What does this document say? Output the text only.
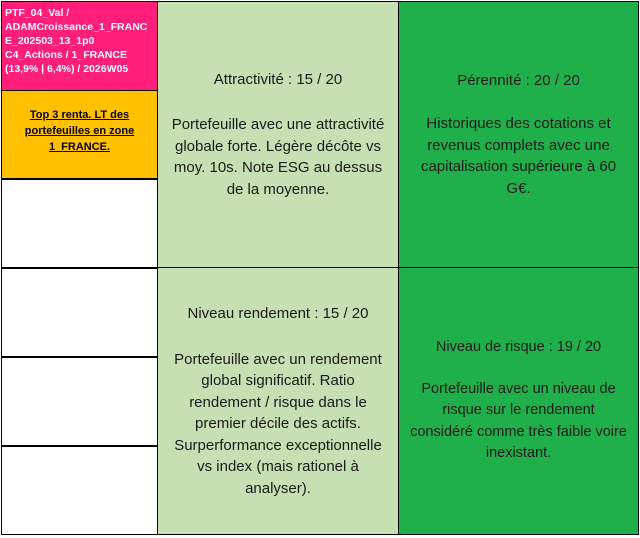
PTF_04_Val /
ADAMCroissance_1_FRANC
E_202503_13_1p0
C4_Actions / 1_FRANCE
(13,9% | 6,4%) / 2026W05
Top 3 renta. LT des portefeuilles en zone 1_FRANCE.
Attractivité : 15 / 20
Portefeuille avec une attractivité globale forte. Légère décôte vs moy. 10s. Note ESG au dessus de la moyenne.
Pérennité : 20 / 20
Historiques des cotations et revenus complets avec une capitalisation supérieure à 60 G€.
Niveau rendement : 15 / 20
Portefeuille avec un rendement global significatif. Ratio rendement / risque dans le premier décile des actifs. Surperformance exceptionnelle vs index (mais rationel à analyser).
Niveau de risque : 19 / 20
Portefeuille avec un niveau de risque sur le rendement considéré comme très faible voire inexistant.
